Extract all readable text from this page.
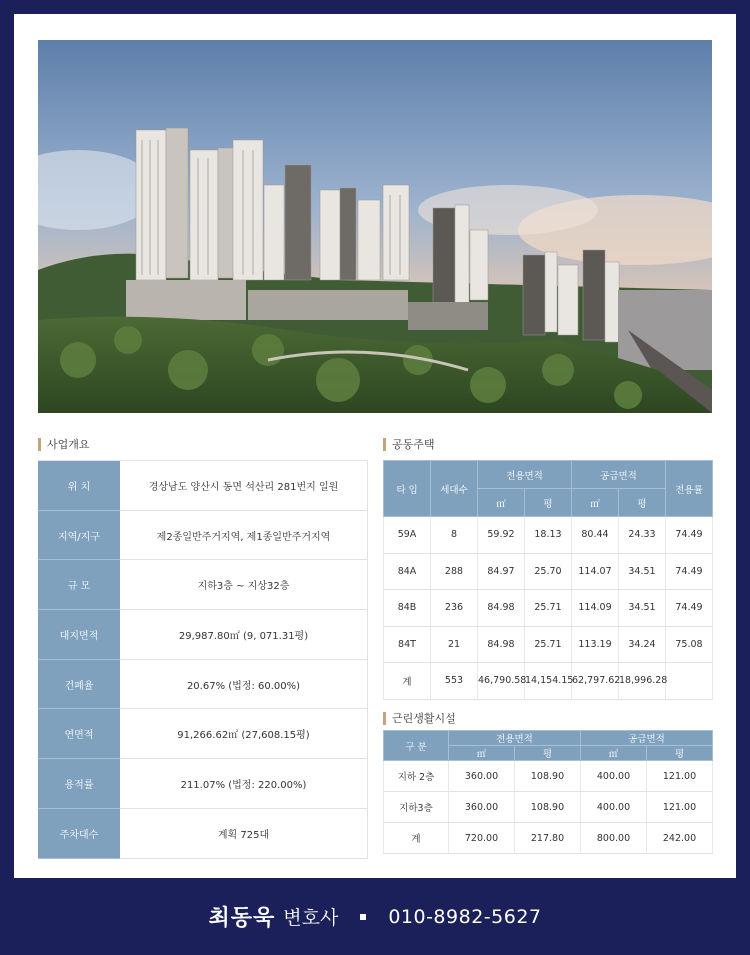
사업개요
위 치	경상남도 양산시 동면 석산리 281번지 일원
지역/지구	제2종일반주거지역, 제1종일반주거지역
규 모	지하3층 ~ 지상32층
대지면적	29,987.80㎡ (9, 071.31평)
건폐율	20.67% (법정: 60.00%)
연면적	91,266.62㎡ (27,608.15평)
용적률	211.07% (법정: 220.00%)
주차대수	계획 725대
공동주택
타 입	세대수	전용면적		공급면적		전용률
		㎡	평	㎡	평	
59A	8	59.92	18.13	80.44	24.33	74.49
84A	288	84.97	25.70	114.07	34.51	74.49
84B	236	84.98	25.71	114.09	34.51	74.49
84T	21	84.98	25.71	113.19	34.24	75.08
계	553	46,790.58	14,154.15	62,797.62	18,996.28	
근린생활시설
구 분	전용면적		공급면적	
	㎡	평	㎡	평
지하 2층	360.00	108.90	400.00	121.00
지하3층	360.00	108.90	400.00	121.00
계	720.00	217.80	800.00	242.00
최동욱 변호사	010-8982-5627
